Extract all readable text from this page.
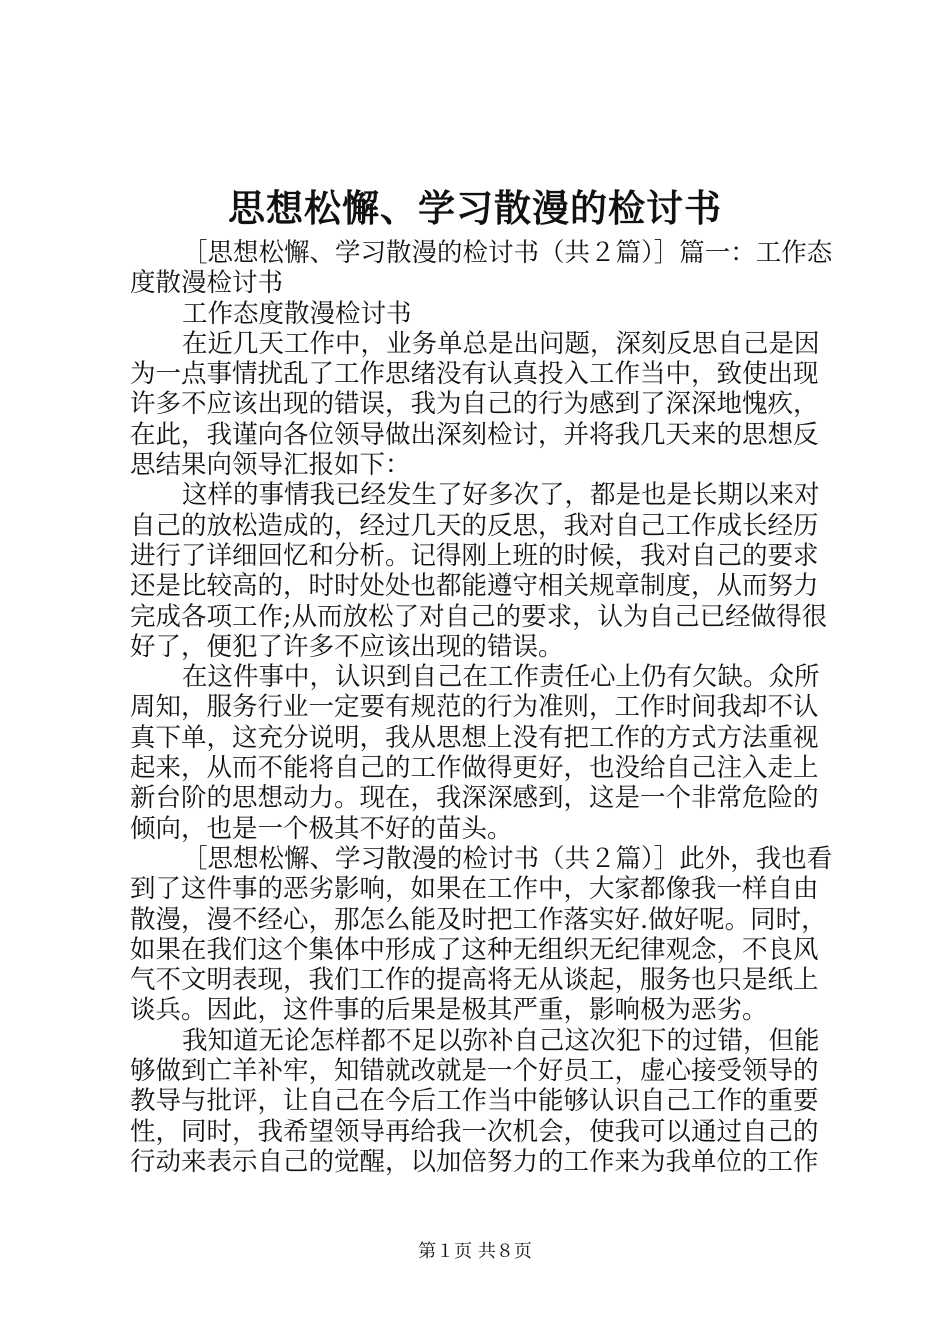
思想松懈、学习散漫的检讨书
［思想松懈、学习散漫的检讨书（共２篇）］篇一：工作态
度散漫检讨书
工作态度散漫检讨书
在近几天工作中，业务单总是出问题，深刻反思自己是因
为一点事情扰乱了工作思绪没有认真投入工作当中，致使出现
许多不应该出现的错误，我为自己的行为感到了深深地愧疚，
在此，我谨向各位领导做出深刻检讨，并将我几天来的思想反
思结果向领导汇报如下：
这样的事情我已经发生了好多次了，都是也是长期以来对
自己的放松造成的，经过几天的反思，我对自己工作成长经历
进行了详细回忆和分析。记得刚上班的时候，我对自己的要求
还是比较高的，时时处处也都能遵守相关规章制度，从而努力
完成各项工作;从而放松了对自己的要求，认为自己已经做得很
好了，便犯了许多不应该出现的错误。
在这件事中，认识到自己在工作责任心上仍有欠缺。众所
周知，服务行业一定要有规范的行为准则，工作时间我却不认
真下单，这充分说明，我从思想上没有把工作的方式方法重视
起来，从而不能将自己的工作做得更好，也没给自己注入走上
新台阶的思想动力。现在，我深深感到，这是一个非常危险的
倾向，也是一个极其不好的苗头。
［思想松懈、学习散漫的检讨书（共２篇）］此外，我也看
到了这件事的恶劣影响，如果在工作中，大家都像我一样自由
散漫，漫不经心，那怎么能及时把工作落实好.做好呢。同时，
如果在我们这个集体中形成了这种无组织无纪律观念，不良风
气不文明表现，我们工作的提高将无从谈起，服务也只是纸上
谈兵。因此，这件事的后果是极其严重，影响极为恶劣。
我知道无论怎样都不足以弥补自己这次犯下的过错，但能
够做到亡羊补牢，知错就改就是一个好员工，虚心接受领导的
教导与批评，让自己在今后工作当中能够认识自己工作的重要
性，同时，我希望领导再给我一次机会，使我可以通过自己的
行动来表示自己的觉醒，以加倍努力的工作来为我单位的工作
第１页 共８页
